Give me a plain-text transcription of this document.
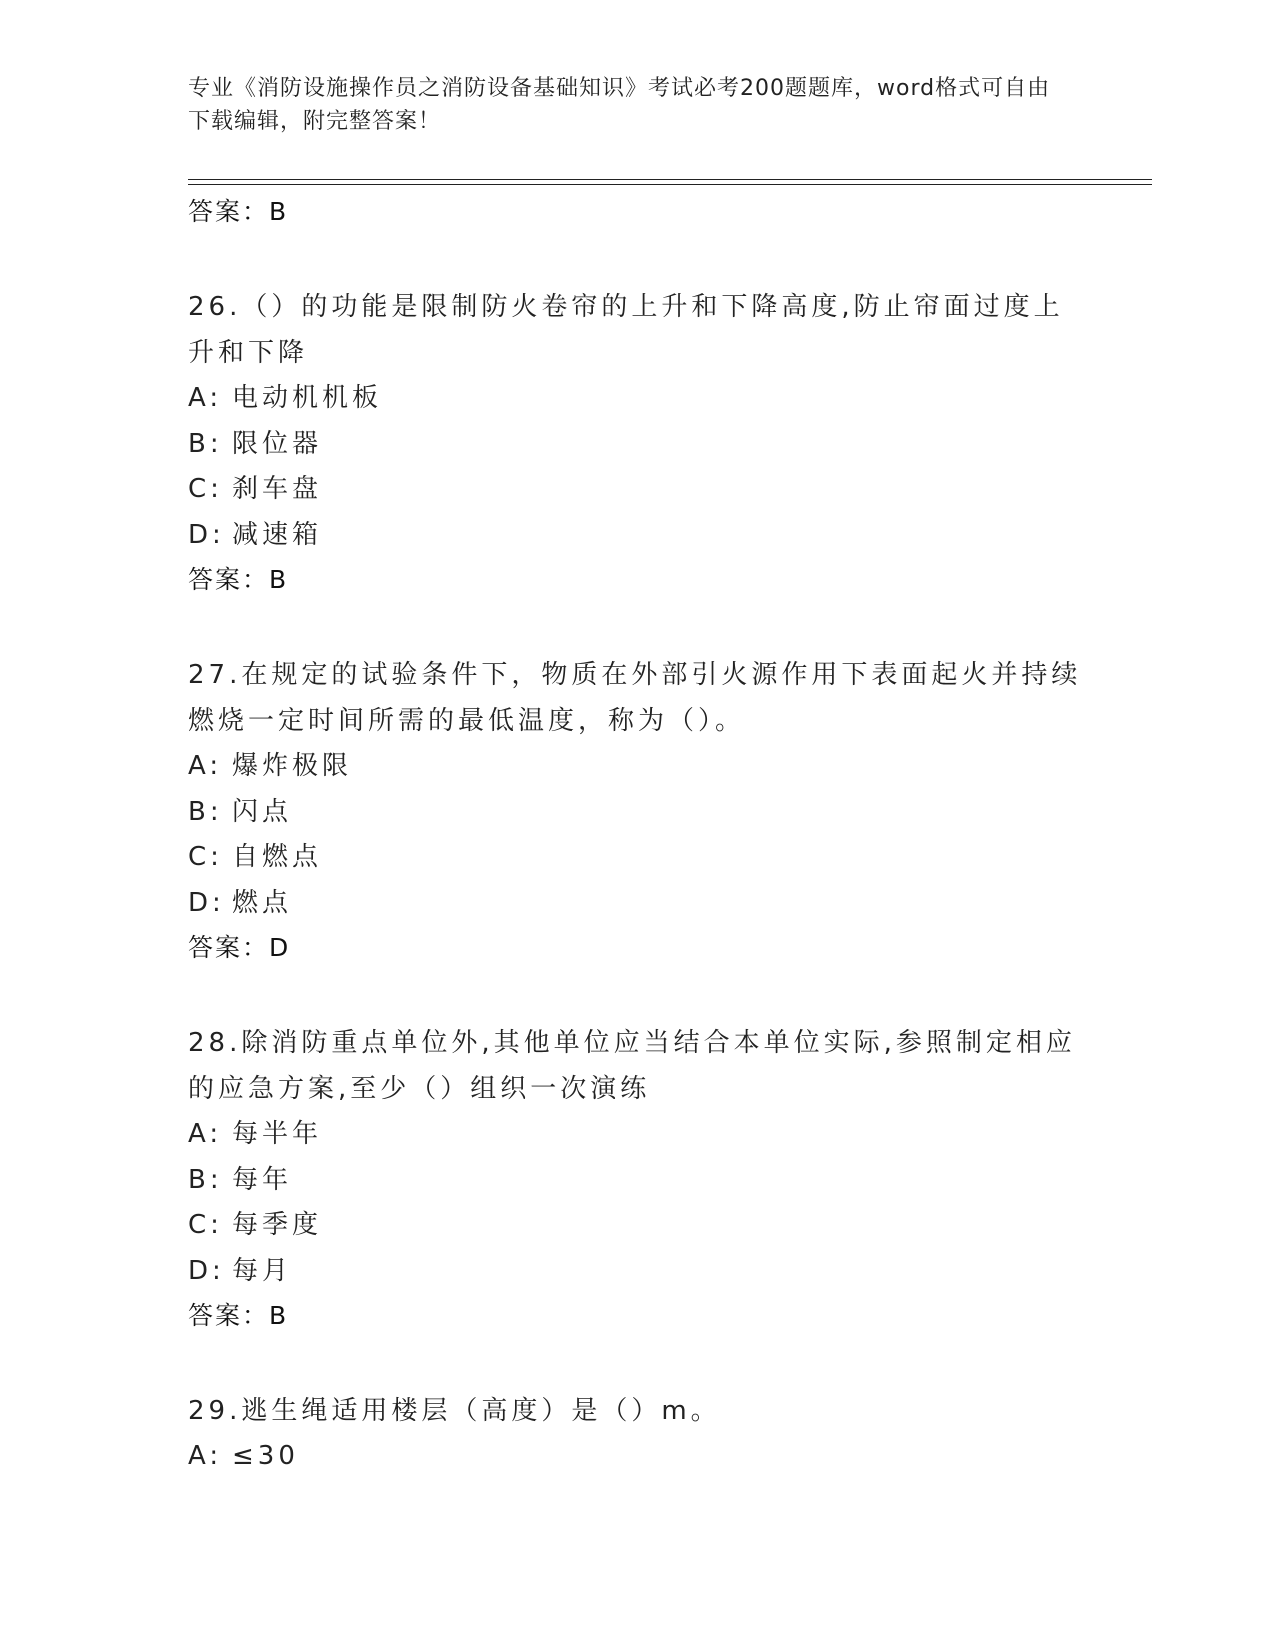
专业《消防设施操作员之消防设备基础知识》考试必考200题题库，word格式可自由下载编辑，附完整答案！

答案：B

26.（）的功能是限制防火卷帘的上升和下降高度,防止帘面过度上升和下降

A: 电动机机板

B: 限位器

C: 刹车盘

D: 减速箱

答案：B

27.在规定的试验条件下，物质在外部引火源作用下表面起火并持续燃烧一定时间所需的最低温度，称为（）。

A: 爆炸极限

B: 闪点

C: 自燃点

D: 燃点

答案：D

28.除消防重点单位外,其他单位应当结合本单位实际,参照制定相应的应急方案,至少（）组织一次演练

A: 每半年

B: 每年

C: 每季度

D: 每月

答案：B

29.逃生绳适用楼层（高度）是（）m。

A: ≤30
